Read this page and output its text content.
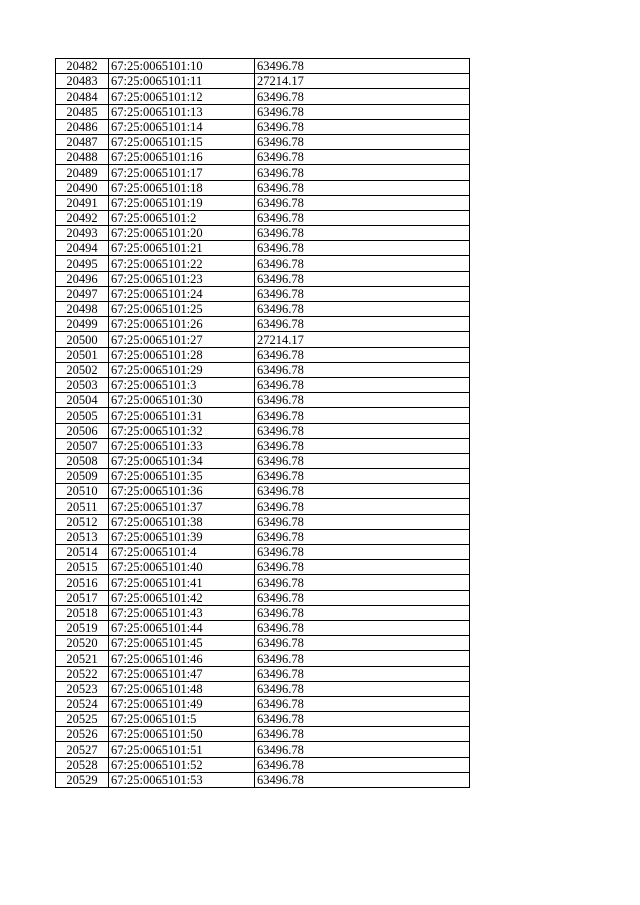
20482	67:25:0065101:10	63496.78
20483	67:25:0065101:11	27214.17
20484	67:25:0065101:12	63496.78
20485	67:25:0065101:13	63496.78
20486	67:25:0065101:14	63496.78
20487	67:25:0065101:15	63496.78
20488	67:25:0065101:16	63496.78
20489	67:25:0065101:17	63496.78
20490	67:25:0065101:18	63496.78
20491	67:25:0065101:19	63496.78
20492	67:25:0065101:2	63496.78
20493	67:25:0065101:20	63496.78
20494	67:25:0065101:21	63496.78
20495	67:25:0065101:22	63496.78
20496	67:25:0065101:23	63496.78
20497	67:25:0065101:24	63496.78
20498	67:25:0065101:25	63496.78
20499	67:25:0065101:26	63496.78
20500	67:25:0065101:27	27214.17
20501	67:25:0065101:28	63496.78
20502	67:25:0065101:29	63496.78
20503	67:25:0065101:3	63496.78
20504	67:25:0065101:30	63496.78
20505	67:25:0065101:31	63496.78
20506	67:25:0065101:32	63496.78
20507	67:25:0065101:33	63496.78
20508	67:25:0065101:34	63496.78
20509	67:25:0065101:35	63496.78
20510	67:25:0065101:36	63496.78
20511	67:25:0065101:37	63496.78
20512	67:25:0065101:38	63496.78
20513	67:25:0065101:39	63496.78
20514	67:25:0065101:4	63496.78
20515	67:25:0065101:40	63496.78
20516	67:25:0065101:41	63496.78
20517	67:25:0065101:42	63496.78
20518	67:25:0065101:43	63496.78
20519	67:25:0065101:44	63496.78
20520	67:25:0065101:45	63496.78
20521	67:25:0065101:46	63496.78
20522	67:25:0065101:47	63496.78
20523	67:25:0065101:48	63496.78
20524	67:25:0065101:49	63496.78
20525	67:25:0065101:5	63496.78
20526	67:25:0065101:50	63496.78
20527	67:25:0065101:51	63496.78
20528	67:25:0065101:52	63496.78
20529	67:25:0065101:53	63496.78
